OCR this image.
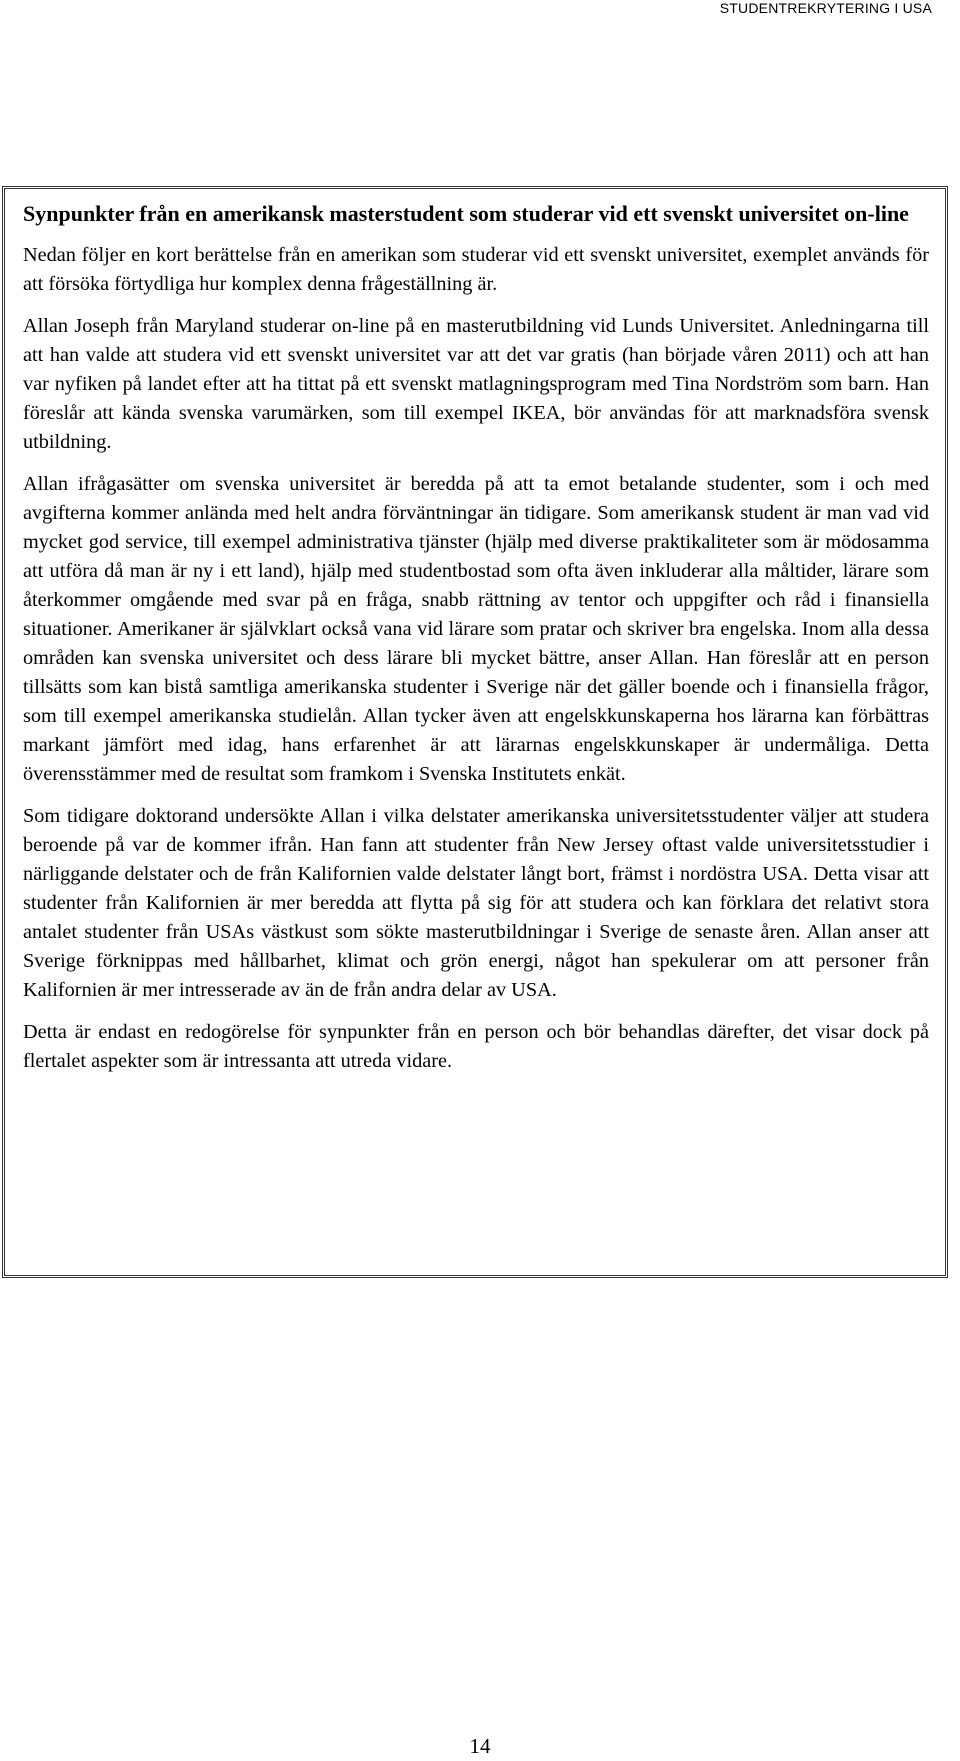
STUDENTREKRYTERING I USA
Synpunkter från en amerikansk masterstudent som studerar vid ett svenskt universitet on-line

Nedan följer en kort berättelse från en amerikan som studerar vid ett svenskt universitet, exemplet används för att försöka förtydliga hur komplex denna frågeställning är.

Allan Joseph från Maryland studerar on-line på en masterutbildning vid Lunds Universitet. Anledningarna till att han valde att studera vid ett svenskt universitet var att det var gratis (han började våren 2011) och att han var nyfiken på landet efter att ha tittat på ett svenskt matlagningsprogram med Tina Nordström som barn. Han föreslår att kända svenska varumärken, som till exempel IKEA, bör användas för att marknadsföra svensk utbildning.

Allan ifrågasätter om svenska universitet är beredda på att ta emot betalande studenter, som i och med avgifterna kommer anlända med helt andra förväntningar än tidigare. Som amerikansk student är man vad vid mycket god service, till exempel administrativa tjänster (hjälp med diverse praktikaliteter som är mödosamma att utföra då man är ny i ett land), hjälp med studentbostad som ofta även inkluderar alla måltider, lärare som återkommer omgående med svar på en fråga, snabb rättning av tentor och uppgifter och råd i finansiella situationer. Amerikaner är självklart också vana vid lärare som pratar och skriver bra engelska. Inom alla dessa områden kan svenska universitet och dess lärare bli mycket bättre, anser Allan. Han föreslår att en person tillsätts som kan bistå samtliga amerikanska studenter i Sverige när det gäller boende och i finansiella frågor, som till exempel amerikanska studielån. Allan tycker även att engelskkunskaperna hos lärarna kan förbättras markant jämfört med idag, hans erfarenhet är att lärarnas engelskkunskaper är undermåliga. Detta överensstämmer med de resultat som framkom i Svenska Institutets enkät.

Som tidigare doktorand undersökte Allan i vilka delstater amerikanska universitetsstudenter väljer att studera beroende på var de kommer ifrån. Han fann att studenter från New Jersey oftast valde universitetsstudier i närliggande delstater och de från Kalifornien valde delstater långt bort, främst i nordöstra USA. Detta visar att studenter från Kalifornien är mer beredda att flytta på sig för att studera och kan förklara det relativt stora antalet studenter från USAs västkust som sökte masterutbildningar i Sverige de senaste åren. Allan anser att Sverige förknippas med hållbarhet, klimat och grön energi, något han spekulerar om att personer från Kalifornien är mer intresserade av än de från andra delar av USA.

Detta är endast en redogörelse för synpunkter från en person och bör behandlas därefter, det visar dock på flertalet aspekter som är intressanta att utreda vidare.

14
